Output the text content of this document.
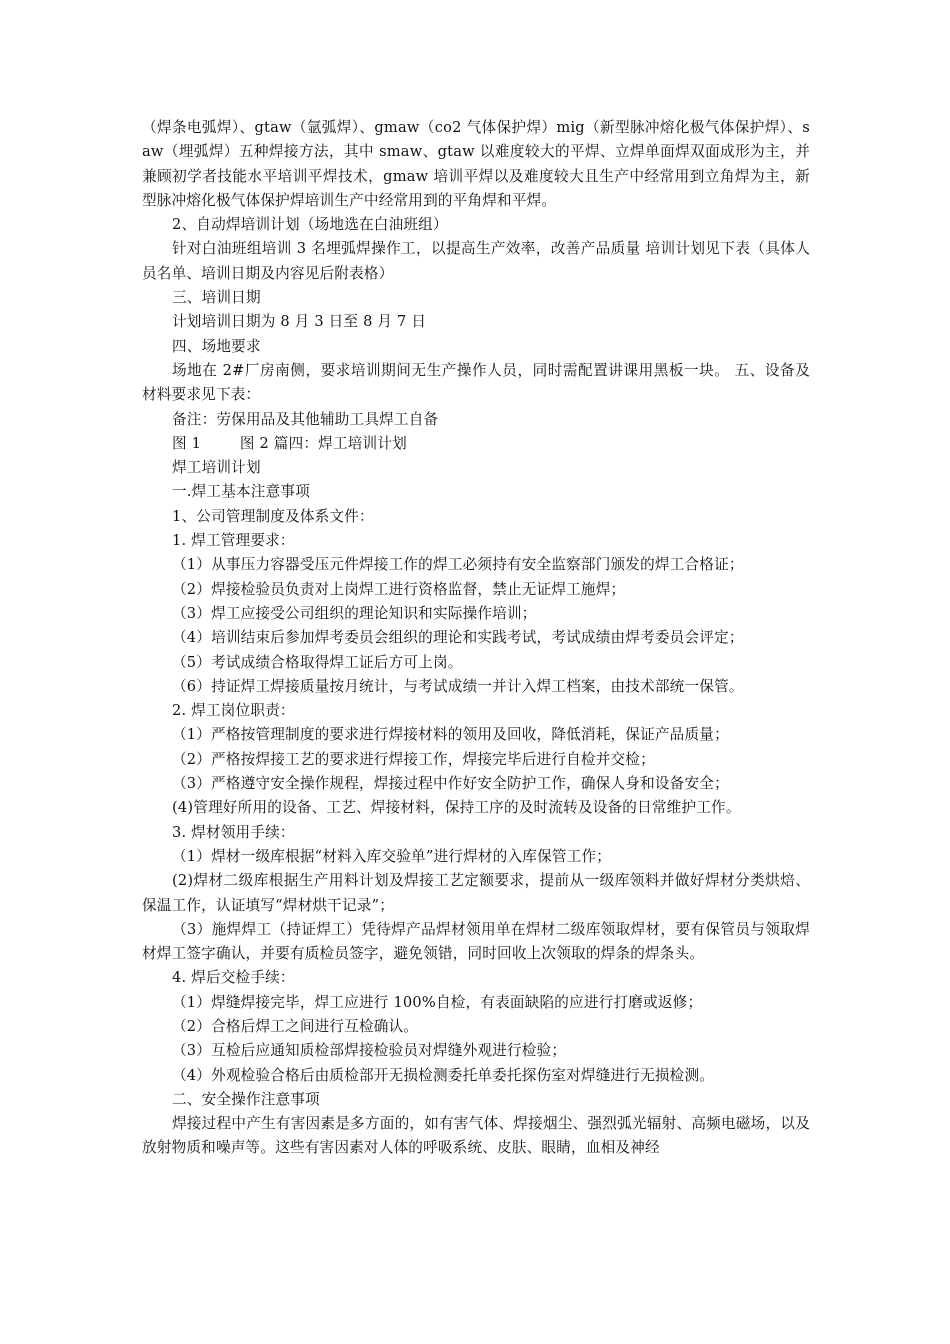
（焊条电弧焊）、gtaw（氩弧焊）、gmaw（co2 气体保护焊）mig（新型脉冲熔化极气体保护焊）、saw（埋弧焊）五种焊接方法，其中 smaw、gtaw 以难度较大的平焊、立焊单面焊双面成形为主，并兼顾初学者技能水平培训平焊技术，gmaw 培训平焊以及难度较大且生产中经常用到立角焊为主，新型脉冲熔化极气体保护焊培训生产中经常用到的平角焊和平焊。

2、自动焊培训计划（场地选在白油班组）

针对白油班组培训 3 名埋弧焊操作工，以提高生产效率，改善产品质量 培训计划见下表（具体人员名单、培训日期及内容见后附表格）

三、培训日期

计划培训日期为 8 月 3 日至 8 月 7 日

四、场地要求

场地在 2#厂房南侧，要求培训期间无生产操作人员，同时需配置讲课用黑板一块。 五、设备及材料要求见下表：

备注：劳保用品及其他辅助工具焊工自备

图 1        图 2 篇四：焊工培训计划

焊工培训计划

一.焊工基本注意事项

1、公司管理制度及体系文件：

1. 焊工管理要求：

（1）从事压力容器受压元件焊接工作的焊工必须持有安全监察部门颁发的焊工合格证；

（2）焊接检验员负责对上岗焊工进行资格监督，禁止无证焊工施焊；

（3）焊工应接受公司组织的理论知识和实际操作培训；

（4）培训结束后参加焊考委员会组织的理论和实践考试，考试成绩由焊考委员会评定；

（5）考试成绩合格取得焊工证后方可上岗。

（6）持证焊工焊接质量按月统计，与考试成绩一并计入焊工档案，由技术部统一保管。

2. 焊工岗位职责：

（1）严格按管理制度的要求进行焊接材料的领用及回收，降低消耗，保证产品质量；

（2）严格按焊接工艺的要求进行焊接工作，焊接完毕后进行自检并交检；

（3）严格遵守安全操作规程，焊接过程中作好安全防护工作，确保人身和设备安全；

(4)管理好所用的设备、工艺、焊接材料，保持工序的及时流转及设备的日常维护工作。

3. 焊材领用手续：

（1）焊材一级库根据“材料入库交验单”进行焊材的入库保管工作；

(2)焊材二级库根据生产用料计划及焊接工艺定额要求，提前从一级库领料并做好焊材分类烘焙、保温工作，认证填写“焊材烘干记录”；

（3）施焊焊工（持证焊工）凭待焊产品焊材领用单在焊材二级库领取焊材，要有保管员与领取焊材焊工签字确认，并要有质检员签字，避免领错，同时回收上次领取的焊条的焊条头。

4. 焊后交检手续：

（1）焊缝焊接完毕，焊工应进行 100%自检，有表面缺陷的应进行打磨或返修；

（2）合格后焊工之间进行互检确认。

（3）互检后应通知质检部焊接检验员对焊缝外观进行检验；

（4）外观检验合格后由质检部开无损检测委托单委托探伤室对焊缝进行无损检测。

二、安全操作注意事项

焊接过程中产生有害因素是多方面的，如有害气体、焊接烟尘、强烈弧光辐射、高频电磁场，以及放射物质和噪声等。这些有害因素对人体的呼吸系统、皮肤、眼睛，血相及神经
